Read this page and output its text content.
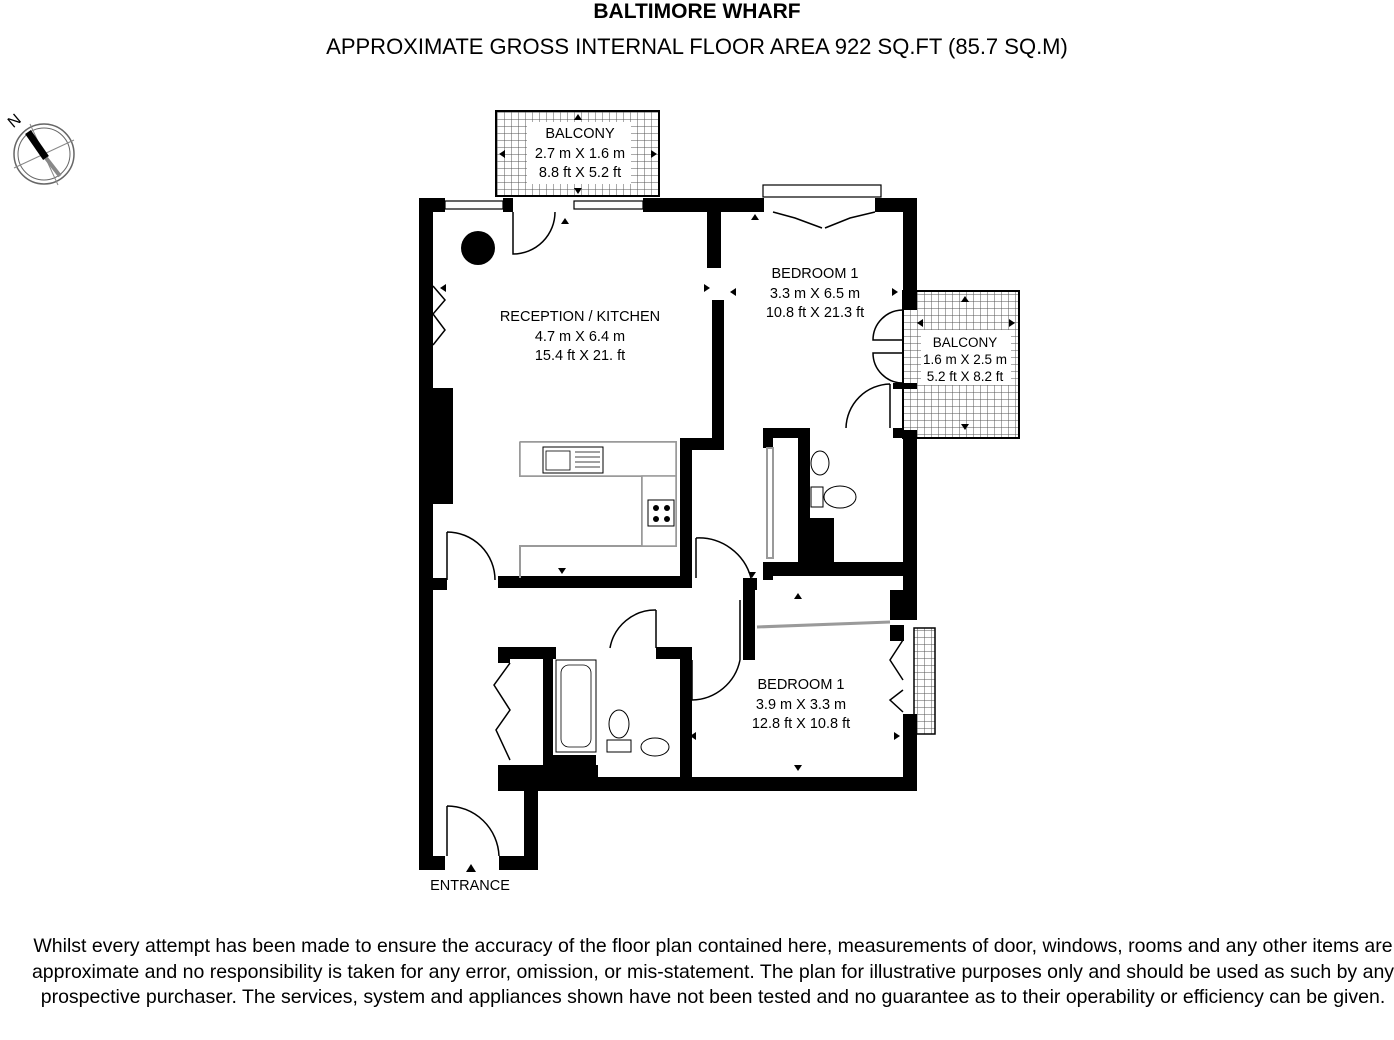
BALTIMORE WHARF
APPROXIMATE GROSS INTERNAL FLOOR AREA 922 SQ.FT (85.7 SQ.M)
N
BALCONY
2.7 m X 1.6 m
8.8 ft X 5.2 ft
RECEPTION / KITCHEN
4.7 m X 6.4 m
15.4 ft X 21. ft
BEDROOM 1
3.3 m X 6.5 m
10.8 ft X 21.3 ft
BALCONY
1.6 m X 2.5 m
5.2 ft X 8.2 ft
BEDROOM 1
3.9 m X 3.3 m
12.8 ft X 10.8 ft
ENTRANCE
Whilst every attempt has been made to ensure the accuracy of the floor plan contained here, measurements of door, windows, rooms and any other items are approximate and no responsibility is taken for any error, omission, or mis-statement. The plan for illustrative purposes only and should be used as such by any prospective purchaser. The services, system and appliances shown have not been tested and no guarantee as to their operability or efficiency can be given.
